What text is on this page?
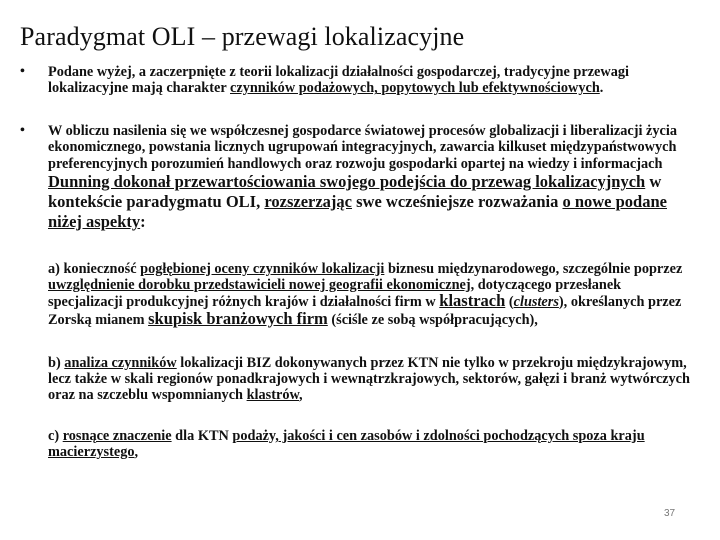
Paradygmat OLI – przewagi lokalizacyjne
• Podane wyżej, a zaczerpnięte z teorii lokalizacji działalności gospodarczej, tradycyjne przewagi lokalizacyjne mają charakter czynników podażowych, popytowych lub efektywnościowych.
• W obliczu nasilenia się we współczesnej gospodarce światowej procesów globalizacji i liberalizacji życia ekonomicznego, powstania licznych ugrupowań integracyjnych, zawarcia kilkuset międzypaństwowych preferencyjnych porozumień handlowych oraz rozwoju gospodarki opartej na wiedzy i informacjach Dunning dokonał przewartościowania swojego podejścia do przewag lokalizacyjnych w kontekście paradygmatu OLI, rozszerzając swe wcześniejsze rozważania o nowe podane niżej aspekty:
a) konieczność pogłębionej oceny czynników lokalizacji biznesu międzynarodowego, szczególnie poprzez uwzględnienie dorobku przedstawicieli nowej geografii ekonomicznej, dotyczącego przesłanek specjalizacji produkcyjnej różnych krajów i działalności firm w klastrach (clusters), określanych przez Zorską mianem skupisk branżowych firm (ściśle ze sobą współpracujących),
b) analiza czynników lokalizacji BIZ dokonywanych przez KTN nie tylko w przekroju międzykrajowym, lecz także w skali regionów ponadkrajowych i wewnątrzkrajowych, sektorów, gałęzi i branż wytwórczych oraz na szczeblu wspomnianych klastrów,
c) rosnące znaczenie dla KTN podaży, jakości i cen zasobów i zdolności pochodzących spoza kraju macierzystego,
37
